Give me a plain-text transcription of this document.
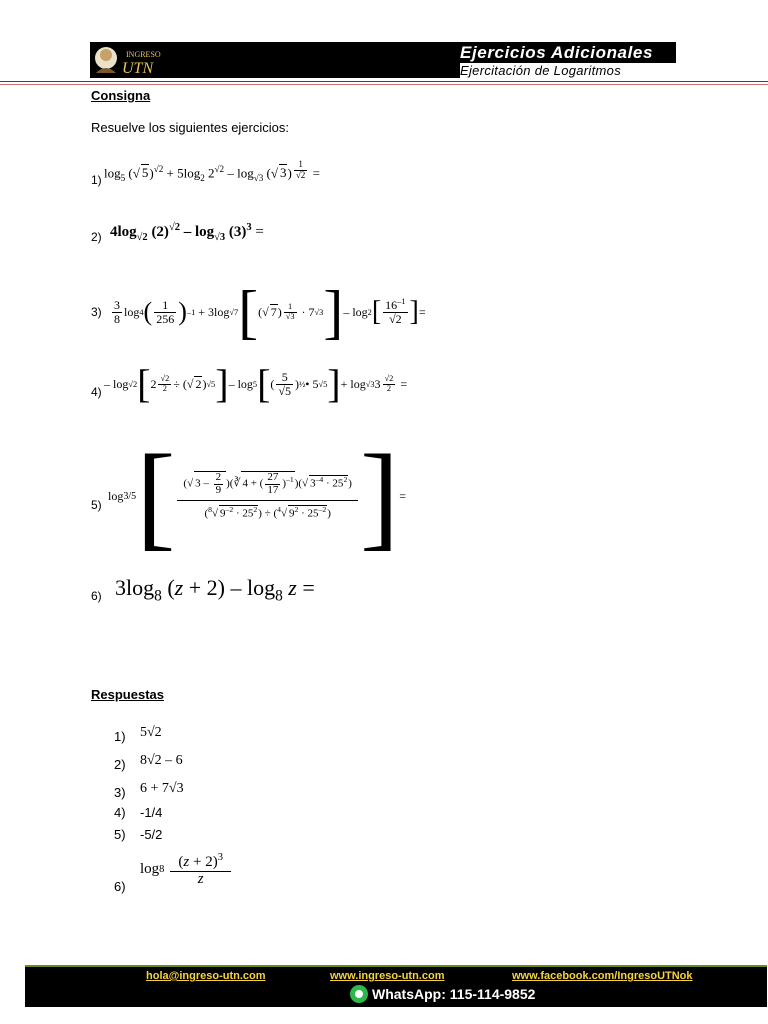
INGRESO
UTN
Ejercicios Adicionales
Ejercitación de Logaritmos
Consigna
Resuelve los siguientes ejercicios:
1) $\log_5$ (√ $5)^{√2} + 5\log_2$ $2^{√2} - \log_{√3}$ (√ 3) $^{\frac{1}{√2}}$ =
2) $4\log_{√2}$ $(2)^{√2} - \log_{√3} (3)^3$ =
$3) \frac{3}{8}$ log 4 ( $\frac{1}{256}$ ) –1 + 3log √7 [ (√ 7 ) $\frac{1}{√3} \cdot 7$ √3 ] – log 2 [ $\frac{16^{-1}}{√2}$ ] =
4)
– log √2 [ $2 \frac{√2}{2}$ ÷ (√ 2 ) √5 ] – log 5 [ ( $\frac{5}{√5}$ ) ½ • 5 √5 ] + log √3 $3 \frac{√2}{2}$ =
5)
log 3/5 [ $\frac{(√ 3 - \frac{2}{9} )(∛ 4 + ( \frac{27}{17} )^{-1})(√ 3^{-4} \cdot 25^2)}{(^8√ 9^{-2} \cdot 25^2) \div (^4√ 9^2 \cdot 25^{-2})}$ ] =
6) $3\log_8$ $(z + 2) - \log_8 z$ =
Respuestas
1) 5√2
2) 8√2 – 6
3) 6 + 7√3
4) -1/4
5) -5/2
6)
$\log 8 \frac{(z + 2)^3}{z}$
hola@ingreso-utn.com	www.ingreso-utn.com	www.facebook.com/IngresoUTNok
WhatsApp: 115-114-9852
